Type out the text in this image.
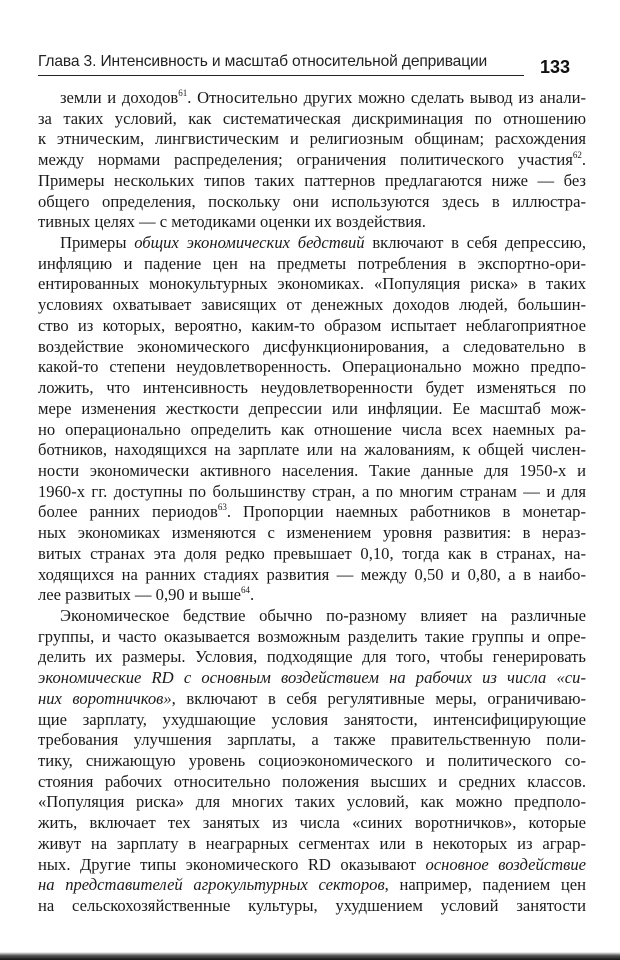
Глава 3. Интенсивность и масштаб относительной депривации	133

земли и доходов$^{61}$. Относительно других можно сделать вывод из анали-
за таких условий, как систематическая дискриминация по отношению
к этническим, лингвистическим и религиозным общинам; расхождения
между нормами распределения; ограничения политического участия$^{62}$.
Примеры нескольких типов таких паттернов предлагаются ниже — без
общего определения, поскольку они используются здесь в иллюстра-
тивных целях — с методиками оценки их воздействия.

Примеры общих экономических бедствий включают в себя депрессию,
инфляцию и падение цен на предметы потребления в экспортно-ори-
ентированных монокультурных экономиках. «Популяция риска» в таких
условиях охватывает зависящих от денежных доходов людей, большин-
ство из которых, вероятно, каким-то образом испытает неблагоприятное
воздействие экономического дисфункционирования, а следовательно в
какой-то степени неудовлетворенность. Операционально можно предпо-
ложить, что интенсивность неудовлетворенности будет изменяться по
мере изменения жесткости депрессии или инфляции. Ее масштаб мож-
но операционально определить как отношение числа всех наемных ра-
ботников, находящихся на зарплате или на жалованиям, к общей числен-
ности экономически активного населения. Такие данные для 1950-х и
1960-х гг. доступны по большинству стран, а по многим странам — и для
более ранних периодов$^{63}$. Пропорции наемных работников в монетар-
ных экономиках изменяются с изменением уровня развития: в нераз-
витых странах эта доля редко превышает 0,10, тогда как в странах, на-
ходящихся на ранних стадиях развития — между 0,50 и 0,80, а в наибо-
лее развитых — 0,90 и выше$^{64}$.

Экономическое бедствие обычно по-разному влияет на различные
группы, и часто оказывается возможным разделить такие группы и опре-
делить их размеры. Условия, подходящие для того, чтобы генерировать
экономические RD с основным воздействием на рабочих из числа «си-
них воротничков», включают в себя регулятивные меры, ограничиваю-
щие зарплату, ухудшающие условия занятости, интенсифицирующие
требования улучшения зарплаты, а также правительственную поли-
тику, снижающую уровень социоэкономического и политического со-
стояния рабочих относительно положения высших и средних классов.
«Популяция риска» для многих таких условий, как можно предполо-
жить, включает тех занятых из числа «синих воротничков», которые
живут на зарплату в неаграрных сегментах или в некоторых из аграр-
ных. Другие типы экономического RD оказывают основное воздействие
на представителей агрокультурных секторов, например, падением цен
на сельскохозяйственные культуры, ухудшением условий занятости
